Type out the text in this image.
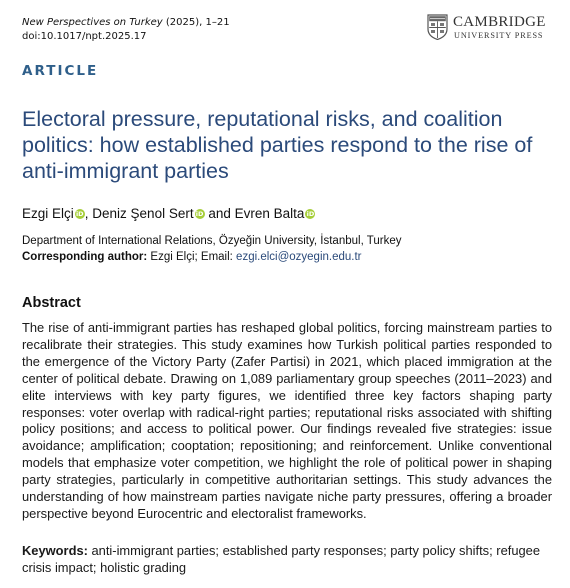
New Perspectives on Turkey (2025), 1–21
doi:10.1017/npt.2025.17
CAMBRIDGE
UNIVERSITY PRESS
ARTICLE
Electoral pressure, reputational risks, and coalition politics: how established parties respond to the rise of anti-immigrant parties
Ezgi Elçi iD, Deniz Şenol Sert iD and Evren Balta iD
Department of International Relations, Özyeğin University, İstanbul, Turkey
Corresponding author: Ezgi Elçi; Email: ezgi.elci@ozyegin.edu.tr
Abstract

The rise of anti-immigrant parties has reshaped global politics, forcing mainstream parties to recalibrate their strategies. This study examines how Turkish political parties responded to the emergence of the Victory Party (Zafer Partisi) in 2021, which placed immigration at the center of political debate. Drawing on 1,089 parliamentary group speeches (2011–2023) and elite interviews with key party figures, we identified three key factors shaping party responses: voter overlap with radical-right parties; reputational risks associated with shifting policy positions; and access to political power. Our findings revealed five strategies: issue avoidance; amplification; cooptation; repositioning; and reinforcement. Unlike conventional models that emphasize voter competition, we highlight the role of political power in shaping party strategies, particularly in competitive authoritarian settings. This study advances the understanding of how mainstream parties navigate niche party pressures, offering a broader perspective beyond Eurocentric and electoralist frameworks.

Keywords: anti-immigrant parties; established party responses; party policy shifts; refugee crisis impact; holistic grading
